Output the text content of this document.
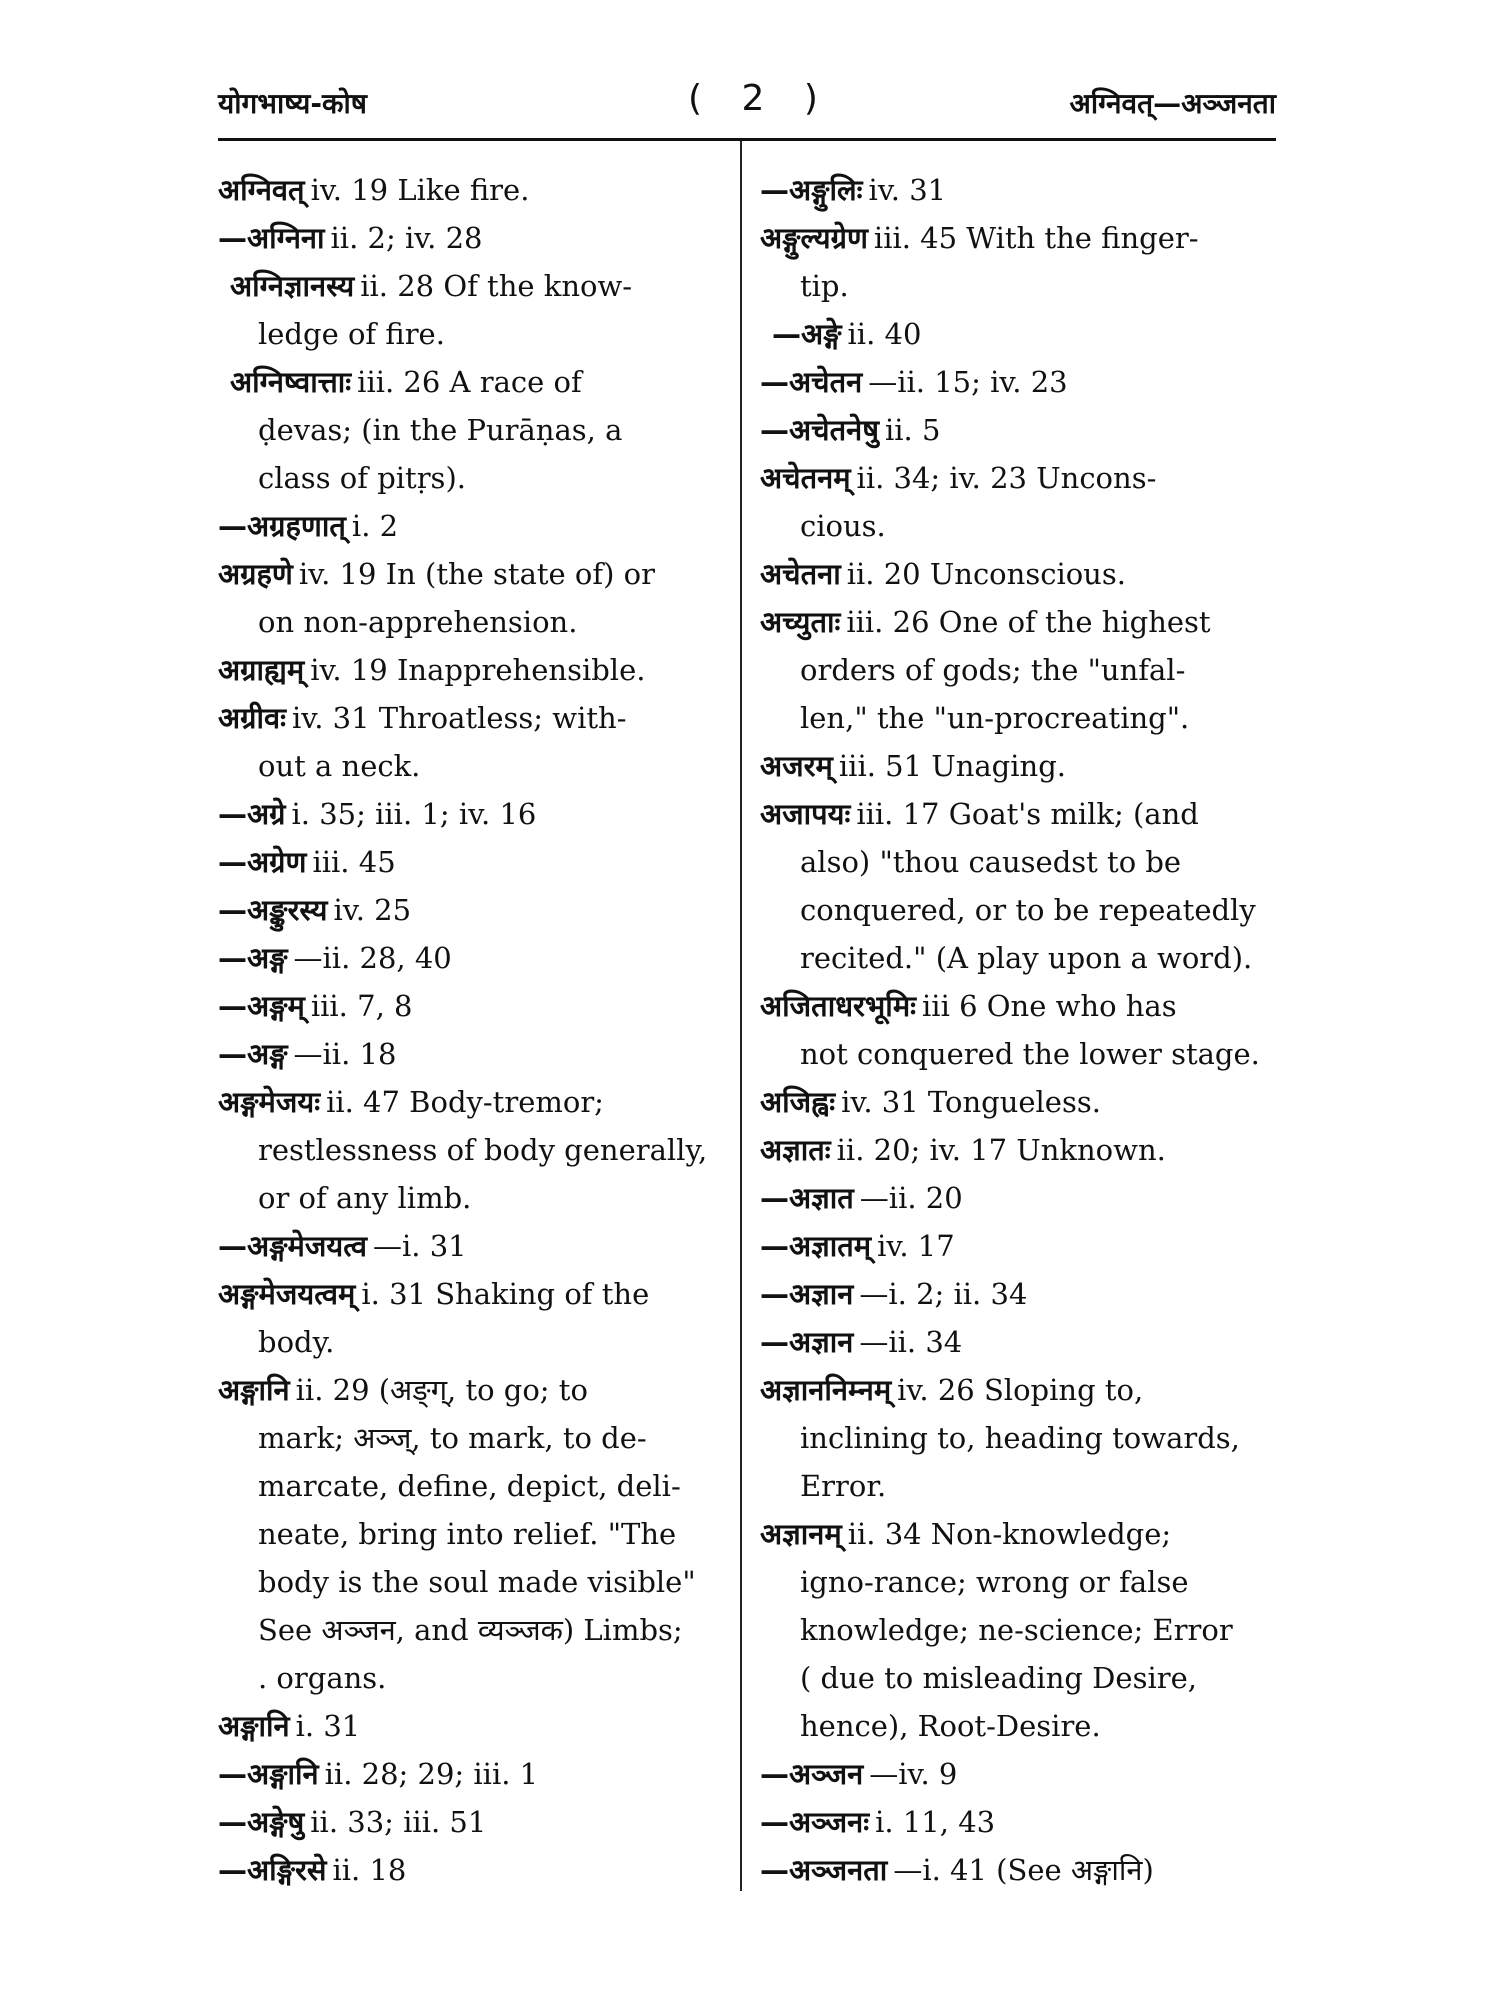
योगभाष्य-कोष	( 2 )	अग्निवत्—अञ्जनता
अग्निवत् iv. 19 Like fire.
—अग्निना ii. 2; iv. 28
अग्निज्ञानस्य ii. 28 Of the know-
ledge of fire.
अग्निष्वात्ताः iii. 26 A race of
ḍevas; (in the Purāṇas, a
class of pitṛs).
—अग्रहणात् i. 2
अग्रहणे iv. 19 In (the state of) or
on non-apprehension.
अग्राह्यम् iv. 19 Inapprehensible.
अग्रीवः iv. 31 Throatless; with-
out a neck.
—अग्रे i. 35; iii. 1; iv. 16
—अग्रेण iii. 45
—अङ्कुरस्य iv. 25
—अङ्ग —ii. 28, 40
—अङ्गम् iii. 7, 8
—अङ्ग —ii. 18
अङ्गमेजयः ii. 47 Body-tremor;
restlessness of body generally,
or of any limb.
—अङ्गमेजयत्व —i. 31
अङ्गमेजयत्वम् i. 31 Shaking of the
body.
अङ्गानि ii. 29 (अङ्ग्, to go; to
mark; अञ्ज्, to mark, to de-
marcate, define, depict, deli-
neate, bring into relief. "The
body is the soul made visible"
See अञ्जन, and व्यञ्जक) Limbs;
. organs.
अङ्गानि i. 31
—अङ्गानि ii. 28; 29; iii. 1
—अङ्गेषु ii. 33; iii. 51
—अङ्गिरसे ii. 18
—अङ्गुलिः iv. 31
अङ्गुल्यग्रेण iii. 45 With the finger-
tip.
—अङ्गे ii. 40
—अचेतन —ii. 15; iv. 23
—अचेतनेषु ii. 5
अचेतनम् ii. 34; iv. 23 Uncons-
cious.
अचेतना ii. 20 Unconscious.
अच्युताः iii. 26 One of the highest
orders of gods; the "unfal-
len," the "un-procreating".
अजरम् iii. 51 Unaging.
अजापयः iii. 17 Goat's milk; (and
also) "thou causedst to be
conquered, or to be repeatedly
recited." (A play upon a word).
अजिताधरभूमिः iii 6 One who has
not conquered the lower stage.
अजिह्वः iv. 31 Tongueless.
अज्ञातः ii. 20; iv. 17 Unknown.
—अज्ञात —ii. 20
—अज्ञातम् iv. 17
—अज्ञान —i. 2; ii. 34
—अज्ञान —ii. 34
अज्ञाननिम्नम् iv. 26 Sloping to,
inclining to, heading towards,
Error.
अज्ञानम् ii. 34 Non-knowledge;
igno-rance; wrong or false
knowledge; ne-science; Error
( due to misleading Desire,
hence), Root-Desire.
—अञ्जन —iv. 9
—अञ्जनः i. 11, 43
—अञ्जनता —i. 41 (See अङ्गानि)
